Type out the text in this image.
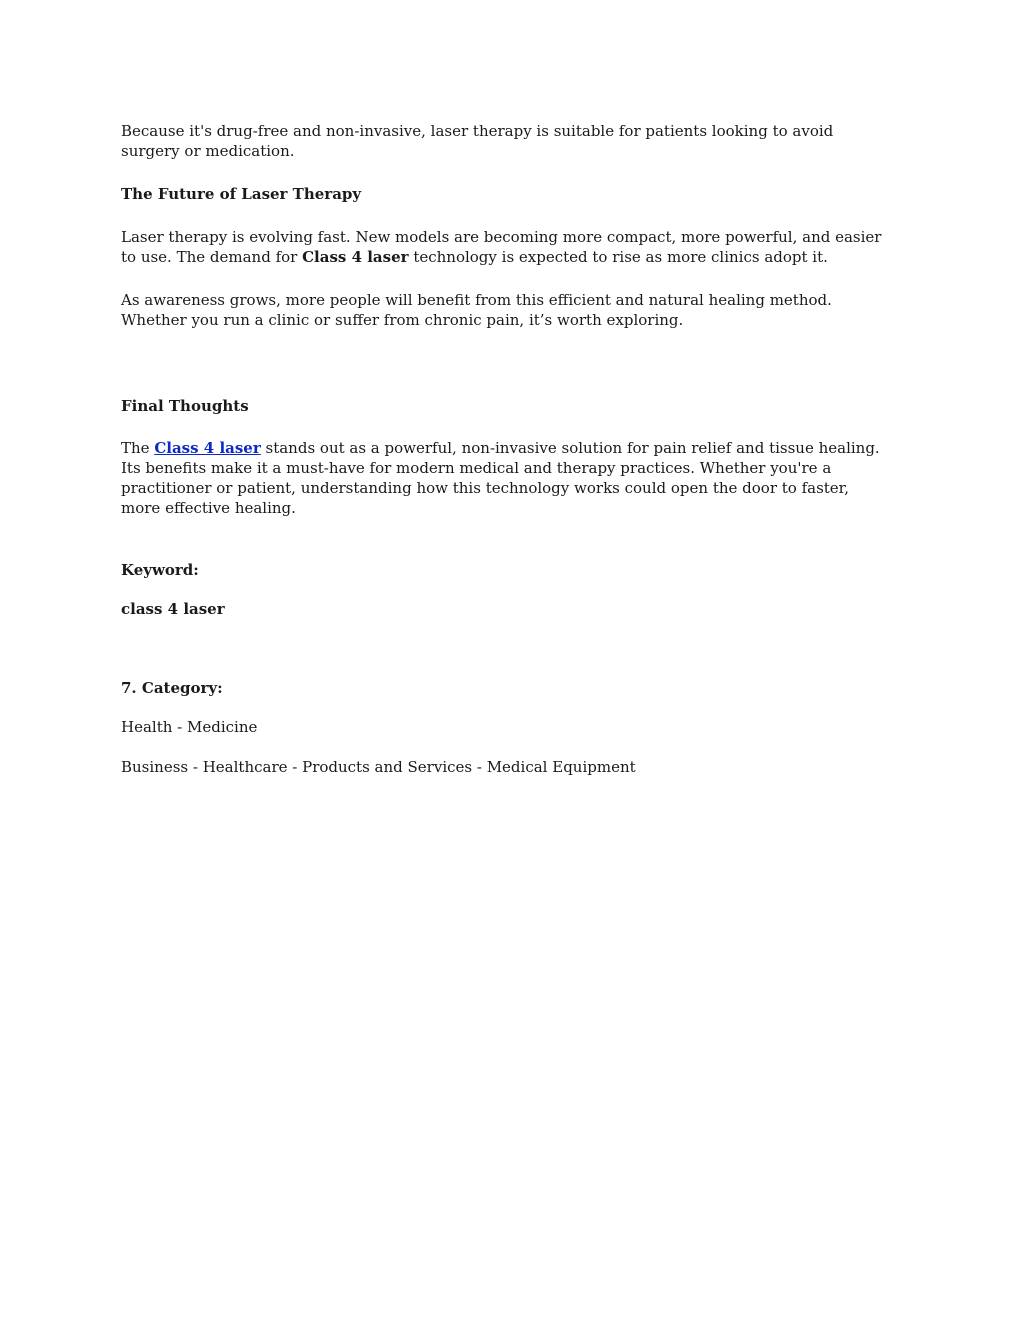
Because it's drug-free and non-invasive, laser therapy is suitable for patients looking to avoid surgery or medication.

The Future of Laser Therapy

Laser therapy is evolving fast. New models are becoming more compact, more powerful, and easier to use. The demand for Class 4 laser technology is expected to rise as more clinics adopt it.

As awareness grows, more people will benefit from this efficient and natural healing method. Whether you run a clinic or suffer from chronic pain, it’s worth exploring.

Final Thoughts

The Class 4 laser stands out as a powerful, non-invasive solution for pain relief and tissue healing. Its benefits make it a must-have for modern medical and therapy practices. Whether you're a practitioner or patient, understanding how this technology works could open the door to faster, more effective healing.

Keyword:

class 4 laser

7. Category:

Health - Medicine

Business - Healthcare - Products and Services - Medical Equipment
